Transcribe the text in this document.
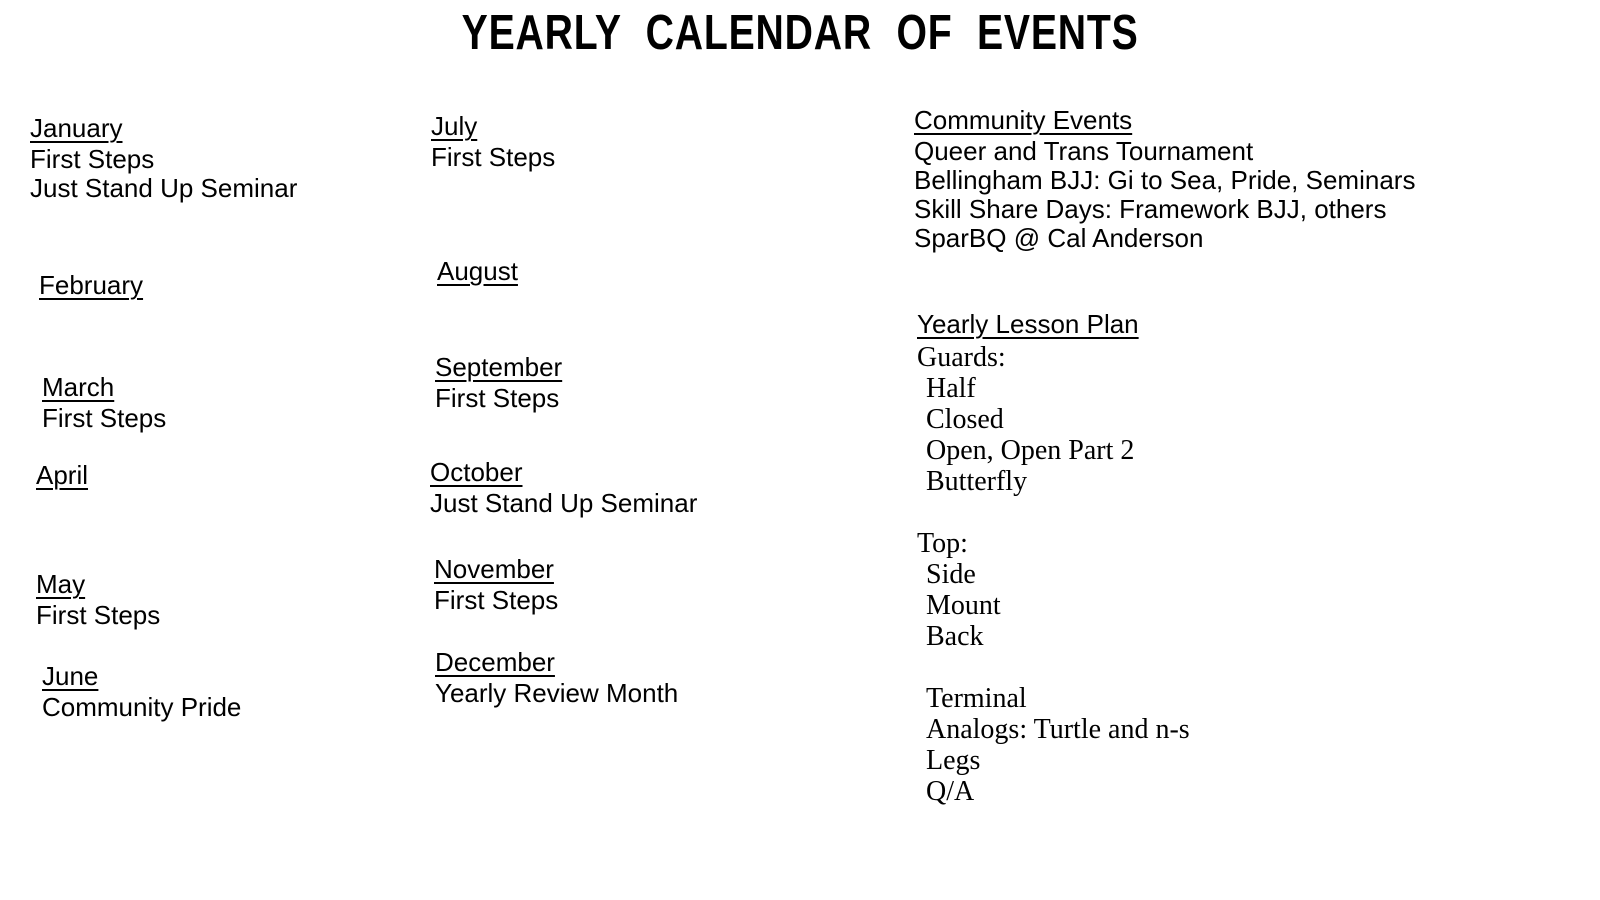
YEARLY CALENDAR OF EVENTS
January
First Steps
Just Stand Up Seminar
February
March
First Steps
April
May
First Steps
June
Community Pride
July
First Steps
August
September
First Steps
October
Just Stand Up Seminar
November
First Steps
December
Yearly Review Month
Community Events
Queer and Trans Tournament
Bellingham BJJ: Gi to Sea, Pride, Seminars
Skill Share Days: Framework BJJ, others
SparBQ @ Cal Anderson
Yearly Lesson Plan
Guards:
Half
Closed
Open, Open Part 2
Butterfly
Top:
Side
Mount
Back
Terminal
Analogs: Turtle and n-s
Legs
Q/A
